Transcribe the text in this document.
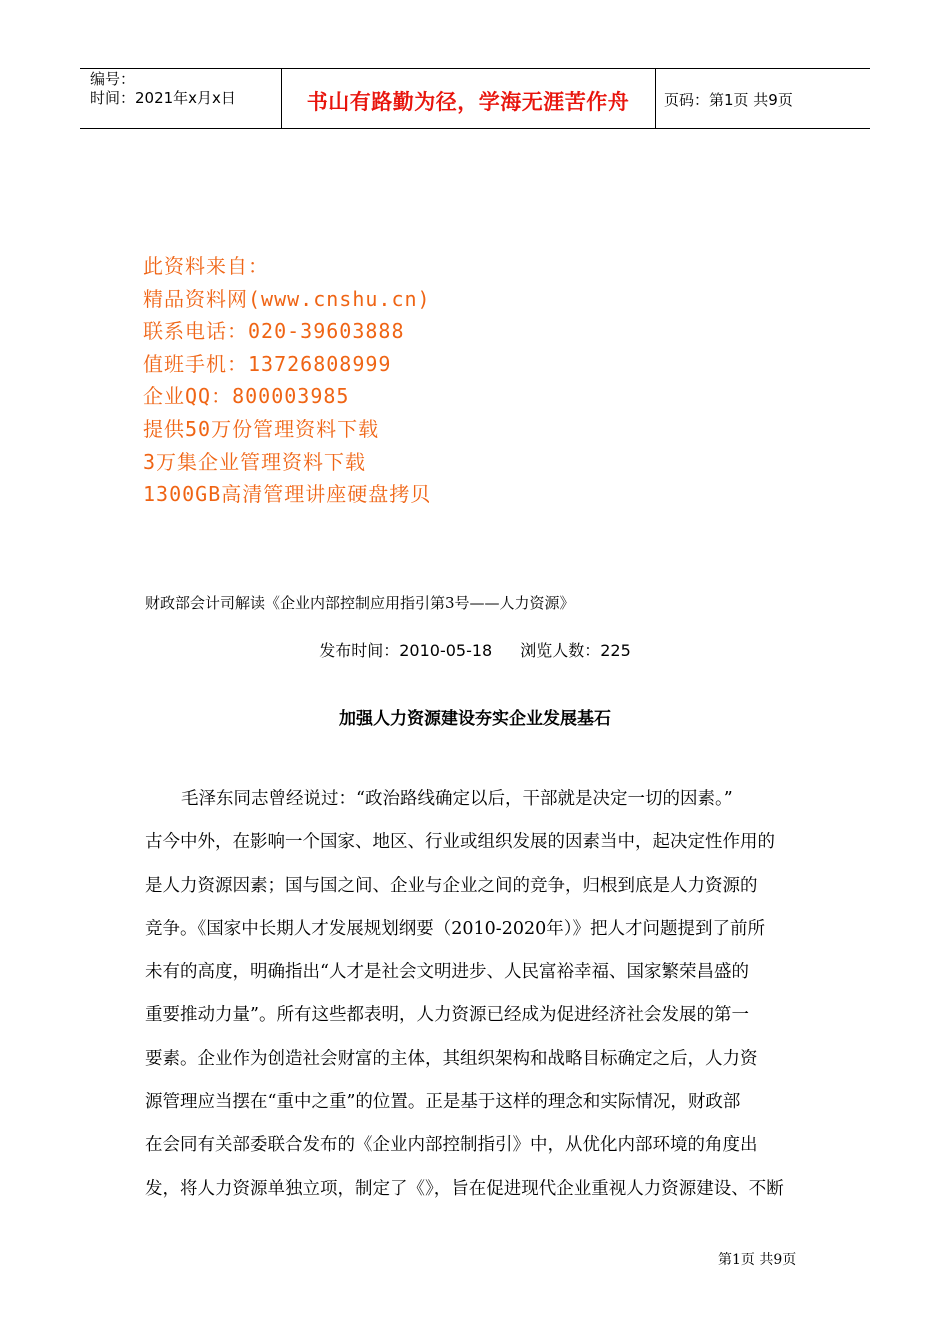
编号：
时间：2021年x月x日	书山有路勤为径，学海无涯苦作舟	页码：第1页 共9页
此资料来自：
精品资料网(www.cnshu.cn)
联系电话：020-39603888
值班手机：13726808999
企业QQ：800003985
提供50万份管理资料下载
3万集企业管理资料下载
1300GB高清管理讲座硬盘拷贝
财政部会计司解读《企业内部控制应用指引第3号——人力资源》
发布时间：2010-05-18 浏览人数：225
加强人力资源建设夯实企业发展基石
毛泽东同志曾经说过：“政治路线确定以后，干部就是决定一切的因素。”
古今中外，在影响一个国家、地区、行业或组织发展的因素当中，起决定性作用的
是人力资源因素；国与国之间、企业与企业之间的竞争，归根到底是人力资源的
竞争。《国家中长期人才发展规划纲要（2010-2020年）》把人才问题提到了前所
未有的高度，明确指出“人才是社会文明进步、人民富裕幸福、国家繁荣昌盛的
重要推动力量”。所有这些都表明，人力资源已经成为促进经济社会发展的第一
要素。企业作为创造社会财富的主体，其组织架构和战略目标确定之后，人力资
源管理应当摆在“重中之重”的位置。正是基于这样的理念和实际情况，财政部
在会同有关部委联合发布的《企业内部控制指引》中，从优化内部环境的角度出
发，将人力资源单独立项，制定了《》，旨在促进现代企业重视人力资源建设、不断
第1页 共9页
